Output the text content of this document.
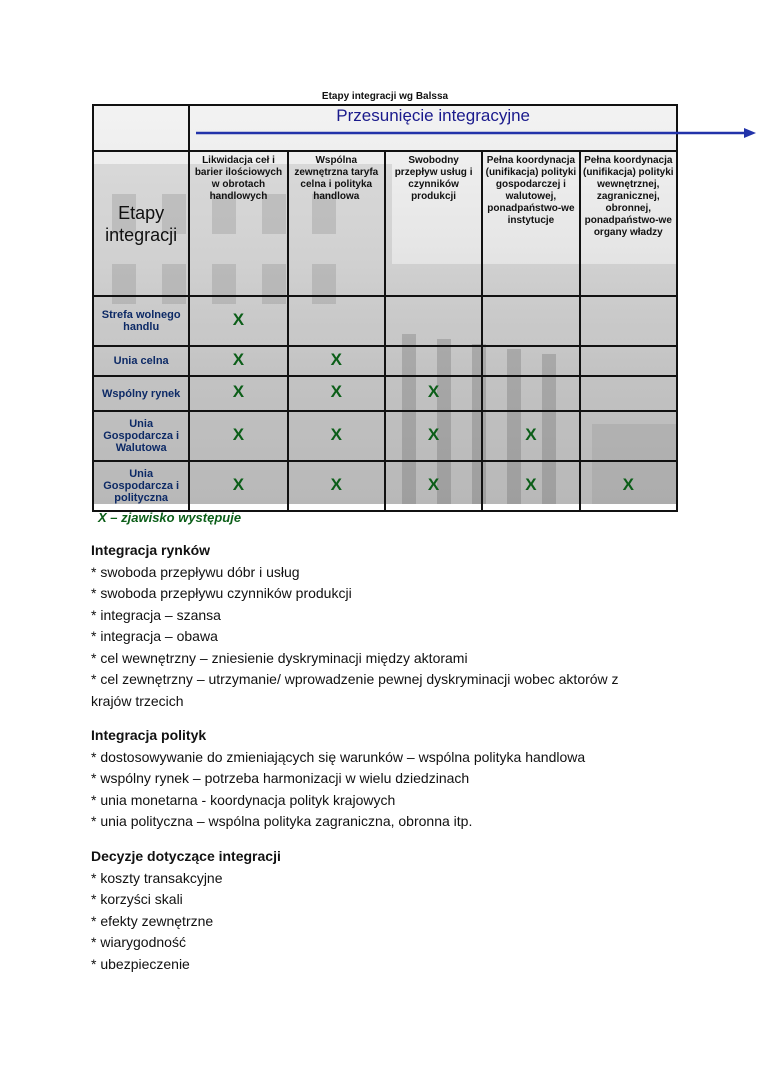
Etapy integracji wg Balssa

	Przesunięcie integracyjne				

Etapy integracji	Likwidacja ceł i barier ilościowych w obrotach handlowych	Wspólna zewnętrzna taryfa celna i polityka handlowa	Swobodny przepływ usług i czynników produkcji	Pełna koordynacja (unifikacja) polityki gospodarczej i walutowej, ponadpaństwo-we instytucje	Pełna koordynacja (unifikacja) polityki wewnętrznej, zagranicznej, obronnej, ponadpaństwo-we organy władzy
Strefa wolnego handlu	X				
Unia celna	X	X			
Wspólny rynek	X	X	X		
Unia Gospodarcza i Walutowa	X	X	X	X	
Unia Gospodarcza i polityczna	X	X	X	X	X
X – zjawisko występuje
Integracja rynków

* swoboda przepływu dóbr i usług

* swoboda przepływu czynników produkcji

* integracja – szansa

* integracja – obawa

* cel wewnętrzny – zniesienie dyskryminacji między aktorami

* cel zewnętrzny – utrzymanie/ wprowadzenie pewnej dyskryminacji wobec aktorów z krajów trzecich

Integracja polityk

* dostosowywanie do zmieniających się warunków – wspólna polityka handlowa

* wspólny rynek – potrzeba harmonizacji w wielu dziedzinach

* unia monetarna - koordynacja polityk krajowych

* unia polityczna – wspólna polityka zagraniczna, obronna itp.

Decyzje dotyczące integracji

* koszty transakcyjne

* korzyści skali

* efekty zewnętrzne

* wiarygodność

* ubezpieczenie
